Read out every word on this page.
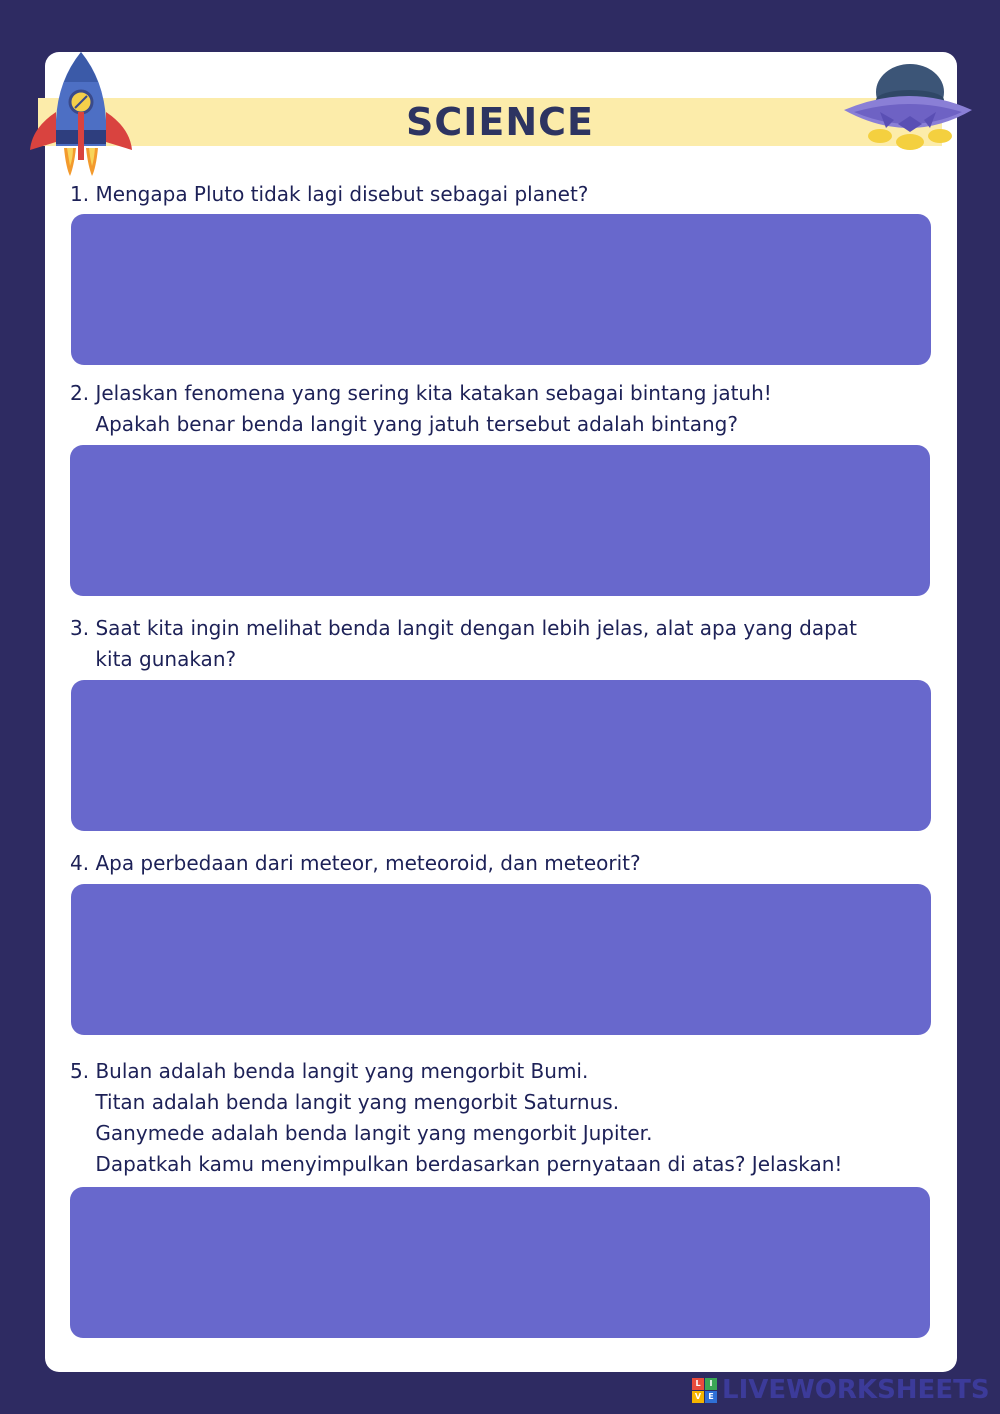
SCIENCE
1. Mengapa Pluto tidak lagi disebut sebagai planet?
2. Jelaskan fenomena yang sering kita katakan sebagai bintang jatuh!
Apakah benar benda langit yang jatuh tersebut adalah bintang?
3. Saat kita ingin melihat benda langit dengan lebih jelas, alat apa yang dapat
kita gunakan?
4. Apa perbedaan dari meteor, meteoroid, dan meteorit?
5. Bulan adalah benda langit yang mengorbit Bumi.
Titan adalah benda langit yang mengorbit Saturnus.
Ganymede adalah benda langit yang mengorbit Jupiter.
Dapatkah kamu menyimpulkan berdasarkan pernyataan di atas? Jelaskan!
L	I
V E LIVEWORKSHEETS
